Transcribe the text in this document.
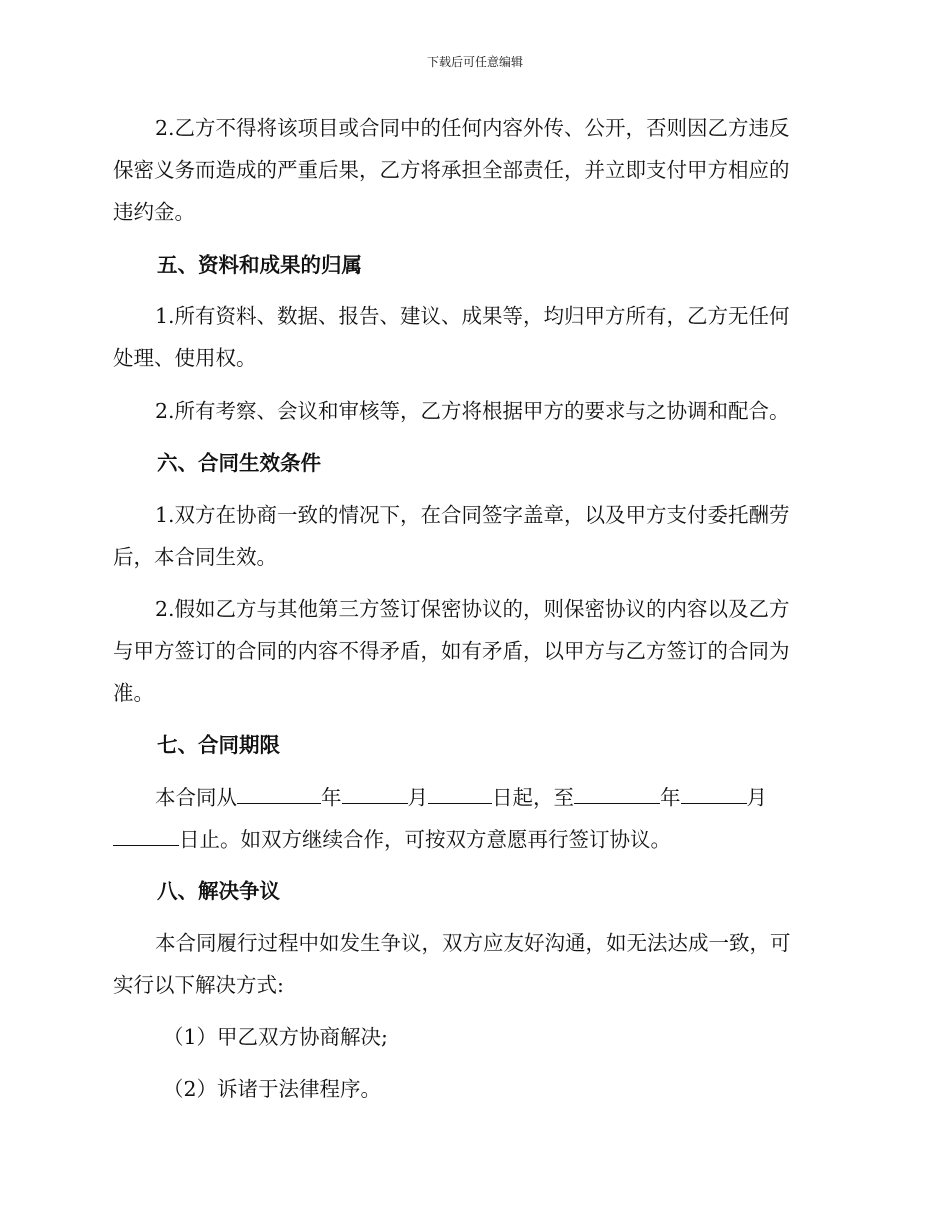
下载后可任意编辑
2.乙方不得将该项目或合同中的任何内容外传、公开，否则因乙方违反
保密义务而造成的严重后果，乙方将承担全部责任，并立即支付甲方相应的
违约金。
五、资料和成果的归属
1.所有资料、数据、报告、建议、成果等，均归甲方所有，乙方无任何
处理、使用权。
2.所有考察、会议和审核等，乙方将根据甲方的要求与之协调和配合。
六、合同生效条件
1.双方在协商一致的情况下，在合同签字盖章，以及甲方支付委托酬劳
后，本合同生效。
2.假如乙方与其他第三方签订保密协议的，则保密协议的内容以及乙方
与甲方签订的合同的内容不得矛盾，如有矛盾，以甲方与乙方签订的合同为
准。
七、合同期限
本合同从	年	月	日起，至	年	月
日止。如双方继续合作，可按双方意愿再行签订协议。
八、解决争议
本合同履行过程中如发生争议，双方应友好沟通，如无法达成一致，可
实行以下解决方式:
（1）甲乙双方协商解决;
（2）诉诸于法律程序。
